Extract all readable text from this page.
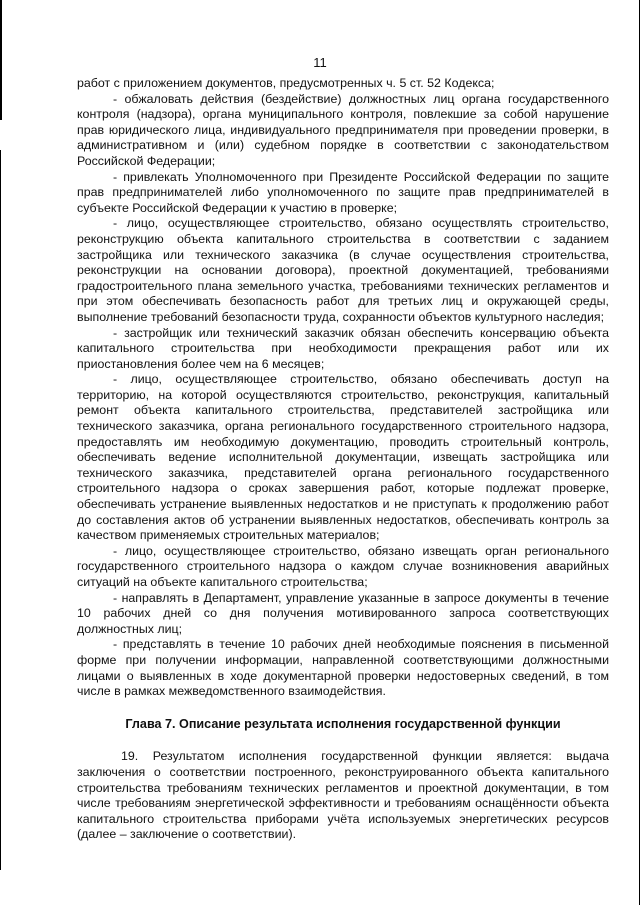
11

работ с приложением документов, предусмотренных ч. 5 ст. 52 Кодекса;

- обжаловать действия (бездействие) должностных лиц органа государственного контроля (надзора), органа муниципального контроля, повлекшие за собой нарушение прав юридического лица, индивидуального предпринимателя при проведении проверки, в административном и (или) судебном порядке в соответствии с законодательством Российской Федерации;

- привлекать Уполномоченного при Президенте Российской Федерации по защите прав предпринимателей либо уполномоченного по защите прав предпринимателей в субъекте Российской Федерации к участию в проверке;

- лицо, осуществляющее строительство, обязано осуществлять строительство, реконструкцию объекта капитального строительства в соответствии с заданием застройщика или технического заказчика (в случае осуществления строительства, реконструкции на основании договора), проектной документацией, требованиями градостроительного плана земельного участка, требованиями технических регламентов и при этом обеспечивать безопасность работ для третьих лиц и окружающей среды, выполнение требований безопасности труда, сохранности объектов культурного наследия;

- застройщик или технический заказчик обязан обеспечить консервацию объекта капитального строительства при необходимости прекращения работ или их приостановления более чем на 6 месяцев;

- лицо, осуществляющее строительство, обязано обеспечивать доступ на территорию, на которой осуществляются строительство, реконструкция, капитальный ремонт объекта капитального строительства, представителей застройщика или технического заказчика, органа регионального государственного строительного надзора, предоставлять им необходимую документацию, проводить строительный контроль, обеспечивать ведение исполнительной документации, извещать застройщика или технического заказчика, представителей органа регионального государственного строительного надзора о сроках завершения работ, которые подлежат проверке, обеспечивать устранение выявленных недостатков и не приступать к продолжению работ до составления актов об устранении выявленных недостатков, обеспечивать контроль за качеством применяемых строительных материалов;

- лицо, осуществляющее строительство, обязано извещать орган регионального государственного строительного надзора о каждом случае возникновения аварийных ситуаций на объекте капитального строительства;

- направлять в Департамент, управление указанные в запросе документы в течение 10 рабочих дней со дня получения мотивированного запроса соответствующих должностных лиц;

- представлять в течение 10 рабочих дней необходимые пояснения в письменной форме при получении информации, направленной соответствующими должностными лицами о выявленных в ходе документарной проверки недостоверных сведений, в том числе в рамках межведомственного взаимодействия.

Глава 7. Описание результата исполнения государственной функции

19. Результатом исполнения государственной функции является: выдача заключения о соответствии построенного, реконструированного объекта капитального строительства требованиям технических регламентов и проектной документации, в том числе требованиям энергетической эффективности и требованиям оснащённости объекта капитального строительства приборами учёта используемых энергетических ресурсов (далее – заключение о соответствии).
